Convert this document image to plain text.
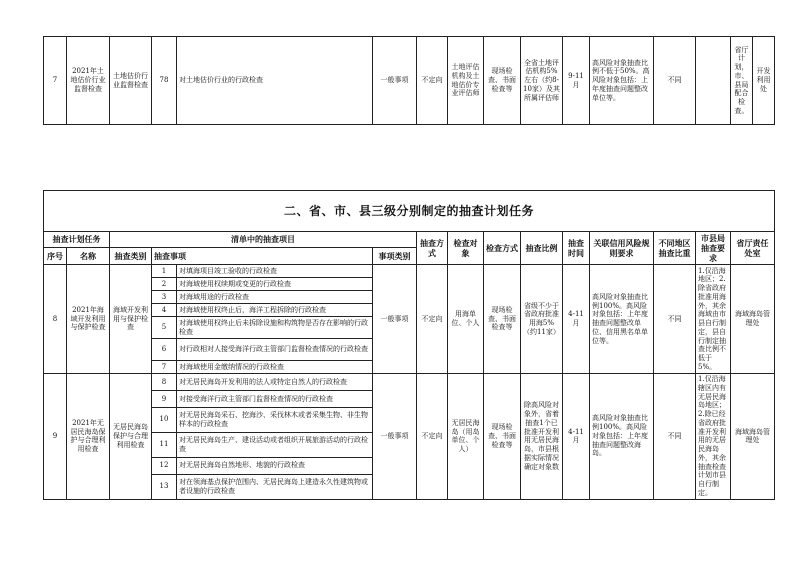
7	2021年土地估价行业监督检查	土地估价行业监督检查	78	对土地估价行业的行政检查	一般事项	不定向	土地评估机构及土地估价专业评估师	现场检查、书面检查等	全省土地评估机构5%左右（约8-10家）及其所属评估师	9-11月	高风险对象抽查比例不低于50%。高风险对象包括：上年度抽查问题整改单位等。	不同		省厅计划，市、县局配合检查。	开发利用处
二、省、市、县三级分别制定的抽查计划任务														
抽查计划任务		清单中的抽查项目				抽查方式	检查对象	检查方式	抽查比例	抽查时间	关联信用风险规则要求	不同地区抽查比重	市县局抽查要求	省厅责任处室
序号	名称	抽查类别	抽查事项		事项类别									
8	2021年海域开发利用与保护检查	海域开发利用与保护检查	1	对填海项目竣工验收的行政检查	一般事项	不定向	用海单位、个人	现场检查、书面检查等	省级不少于省政府批准用海5%（约11家）	4-11月	高风险对象抽查比例100%。高风险对象包括：上年度抽查问题整改单位、信用黑名单单位等。	不同	1.仅沿海地区；2.除省政府批准用海外，其余海域由市县自行制定，县自行制定抽查比例不低于5%。	海域海岛管理处
			2	对海域使用权续期或变更的行政检查										
			3	对海域用途的行政检查										
			4	对海域使用权终止后，海洋工程拆除的行政检查										
			5	对海域使用权终止后未拆除设施和构筑物是否存在影响的行政检查										
			6	对行政相对人接受海洋行政主管部门监督检查情况的行政检查										
			7	对海域使用金缴纳情况的行政检查										
9	2021年无居民海岛保护与合理利用检查	无居民海岛保护与合理利用检查	8	对无居民海岛开发利用的法人或特定自然人的行政检查	一般事项	不定向	无居民海岛（用岛单位、个人）	现场检查、书面检查等	除高风险对象外，省着抽查1个已批准开发利用无居民海岛，市县根据实际情况确定对象数	4-11月	高风险对象抽查比例100%。高风险对象包括：上年度抽查问题整改海岛。	不同	1.仅沿海辖区内有无居民海岛地区；2.除已经省政府批准开发利用的无居民海岛外，其余抽查检查计划市县自行制定。	海域海岛管理处
			9	对接受海洋行政主管部门监督检查情况的行政检查										
			10	对无居民海岛采石、挖海沙、采伐林木或者采集生物、非生物样本的行政检查										
			11	对无居民海岛生产、建设活动或者组织开展旅游活动的行政检查										
			12	对无居民海岛自然地形、地貌的行政检查										
			13	对在领海基点保护范围内、无居民海岛上建造永久性建筑物或者设施的行政检查										
